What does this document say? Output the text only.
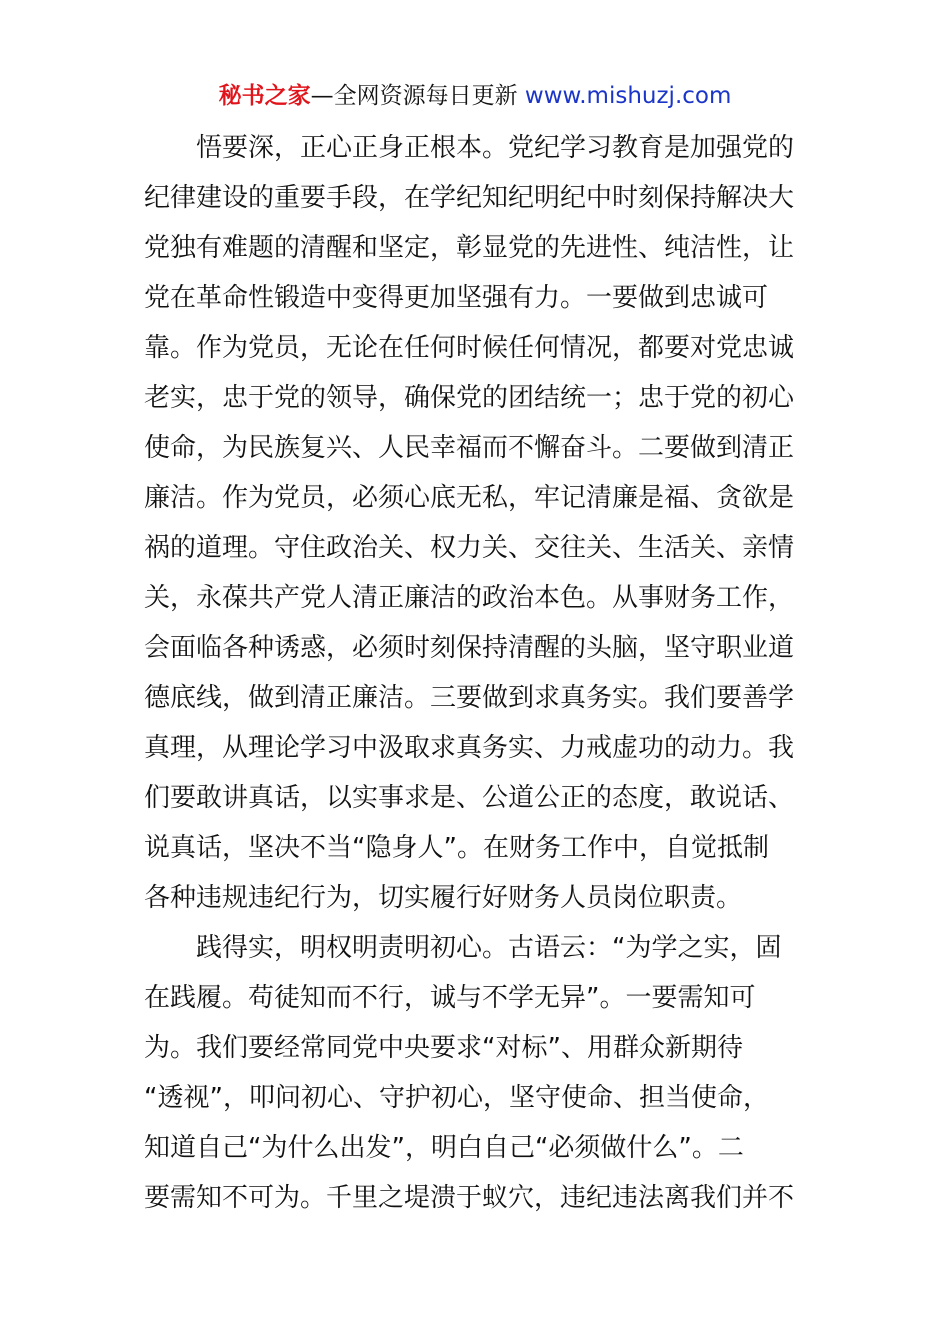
秘书之家—全网资源每日更新 www.mishuzj.com
　　悟要深，正心正身正根本。党纪学习教育是加强党的
纪律建设的重要手段，在学纪知纪明纪中时刻保持解决大
党独有难题的清醒和坚定，彰显党的先进性、纯洁性，让
党在革命性锻造中变得更加坚强有力。一要做到忠诚可
靠。作为党员，无论在任何时候任何情况，都要对党忠诚
老实，忠于党的领导，确保党的团结统一；忠于党的初心
使命，为民族复兴、人民幸福而不懈奋斗。二要做到清正
廉洁。作为党员，必须心底无私，牢记清廉是福、贪欲是
祸的道理。守住政治关、权力关、交往关、生活关、亲情
关，永葆共产党人清正廉洁的政治本色。从事财务工作，
会面临各种诱惑，必须时刻保持清醒的头脑，坚守职业道
德底线，做到清正廉洁。三要做到求真务实。我们要善学
真理，从理论学习中汲取求真务实、力戒虚功的动力。我
们要敢讲真话，以实事求是、公道公正的态度，敢说话、
说真话，坚决不当“隐身人”。在财务工作中，自觉抵制
各种违规违纪行为，切实履行好财务人员岗位职责。
　　践得实，明权明责明初心。古语云：“为学之实，固
在践履。苟徒知而不行，诚与不学无异”。一要需知可
为。我们要经常同党中央要求“对标”、用群众新期待
“透视”，叩问初心、守护初心，坚守使命、担当使命，
知道自己“为什么出发”，明白自己“必须做什么”。二
要需知不可为。千里之堤溃于蚁穴，违纪违法离我们并不
